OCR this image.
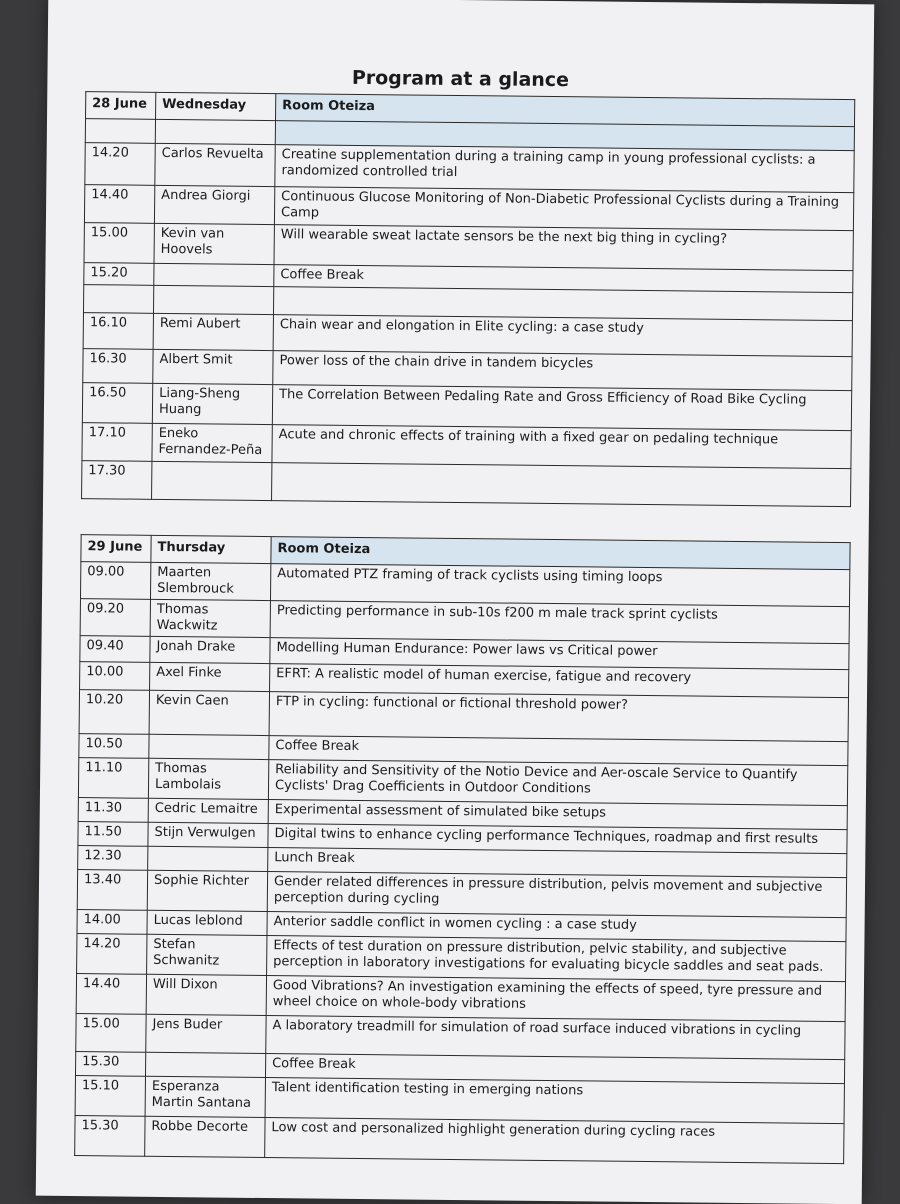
Program at a glance
28 June	Wednesday	Room Oteiza

14.20	Carlos Revuelta	Creatine supplementation during a training camp in young professional cyclists: a randomized controlled trial
14.40	Andrea Giorgi	Continuous Glucose Monitoring of Non-Diabetic Professional Cyclists during a Training Camp
15.00	Kevin van Hoovels	Will wearable sweat lactate sensors be the next big thing in cycling?
15.20		Coffee Break

16.10	Remi Aubert	Chain wear and elongation in Elite cycling: a case study
16.30	Albert Smit	Power loss of the chain drive in tandem bicycles
16.50	Liang-Sheng Huang	The Correlation Between Pedaling Rate and Gross Efficiency of Road Bike Cycling
17.10	Eneko Fernandez-Peña	Acute and chronic effects of training with a fixed gear on pedaling technique
17.30		
29 June	Thursday	Room Oteiza
09.00	Maarten Slembrouck	Automated PTZ framing of track cyclists using timing loops
09.20	Thomas Wackwitz	Predicting performance in sub-10s f200 m male track sprint cyclists
09.40	Jonah Drake	Modelling Human Endurance: Power laws vs Critical power
10.00	Axel Finke	EFRT: A realistic model of human exercise, fatigue and recovery
10.20	Kevin Caen	FTP in cycling: functional or fictional threshold power?
10.50		Coffee Break
11.10	Thomas Lambolais	Reliability and Sensitivity of the Notio Device and Aer-oscale Service to Quantify Cyclists' Drag Coefficients in Outdoor Conditions
11.30	Cedric Lemaitre	Experimental assessment of simulated bike setups
11.50	Stijn Verwulgen	Digital twins to enhance cycling performance Techniques, roadmap and first results
12.30		Lunch Break
13.40	Sophie Richter	Gender related differences in pressure distribution, pelvis movement and subjective perception during cycling
14.00	Lucas leblond	Anterior saddle conflict in women cycling : a case study
14.20	Stefan Schwanitz	Effects of test duration on pressure distribution, pelvic stability, and subjective perception in laboratory investigations for evaluating bicycle saddles and seat pads.
14.40	Will Dixon	Good Vibrations? An investigation examining the effects of speed, tyre pressure and wheel choice on whole-body vibrations
15.00	Jens Buder	A laboratory treadmill for simulation of road surface induced vibrations in cycling
15.30		Coffee Break
15.10	Esperanza Martin Santana	Talent identification testing in emerging nations
15.30	Robbe Decorte	Low cost and personalized highlight generation during cycling races
